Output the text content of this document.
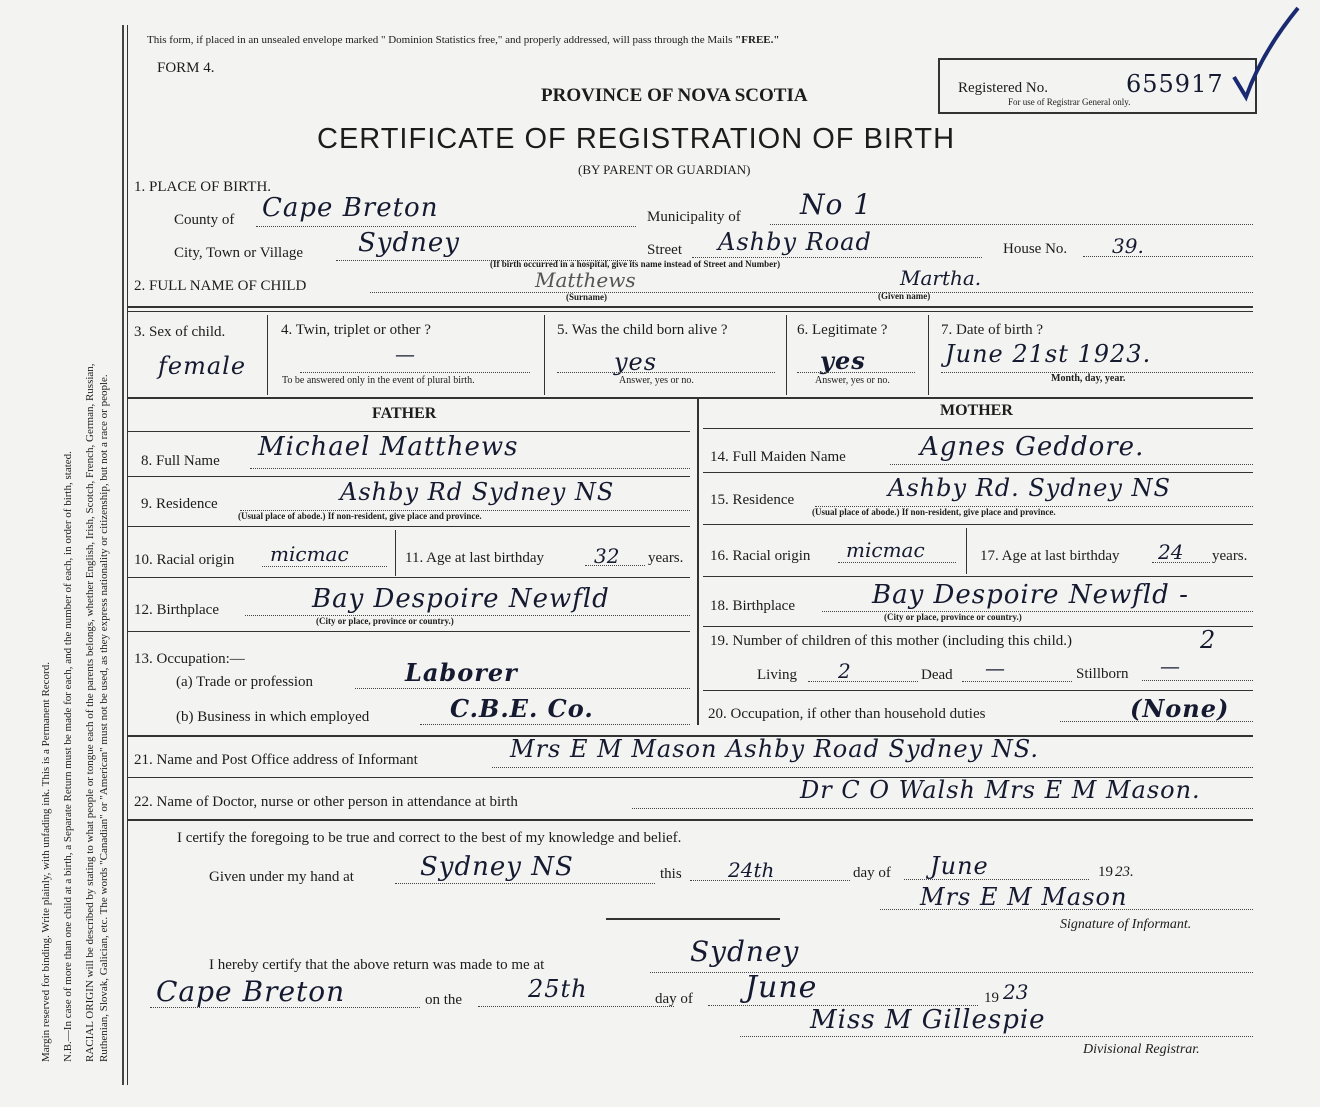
Margin reserved for binding. Write plainly, with unfading ink. This is a Permanent Record. N.B.—In case of more than one child at a birth, a Separate Return must be made for each, and the number of each, in order of birth, stated. RACIAL ORIGIN will be described by stating to what people or tongue each of the parents belongs, whether English, Irish, Scotch, French, German, Russian, Ruthenian, Slovak, Galician, etc. The words "Canadian" or "American" must not be used, as they express nationality or citizenship, but not a race or people.
This form, if placed in an unsealed envelope marked " Dominion Statistics free," and properly addressed, will pass through the Mails "FREE."
FORM 4.
PROVINCE OF NOVA SCOTIA
CERTIFICATE OF REGISTRATION OF BIRTH
(BY PARENT OR GUARDIAN)
Registered No.	655917
For use of Registrar General only.
1. PLACE OF BIRTH.
County of Cape Breton	Municipality of No 1
City, Town or Village Sydney	Street Ashby Road	House No. 39.
(If birth occurred in a hospital, give its name instead of Street and Number)
2. FULL NAME OF CHILD	Matthews
(Surname)
Martha.
(Given name)
3. Sex of child.
female
4. Twin, triplet or other ?
—
To be answered only in the event of plural birth.
5. Was the child born alive ?
yes
Answer, yes or no.
6. Legitimate ?
yes
Answer, yes or no.
7. Date of birth ?
June 21st 1923.
Month, day, year.
FATHER
8. Full Name Michael Matthews
9. Residence	Ashby Rd Sydney NS
(Usual place of abode.) If non-resident, give place and province.
10. Racial origin micmac	11. Age at last birthday	32 years.
12. Birthplace	Bay Despoire Newfld
(City or place, province or country.)
13. Occupation:—
(a) Trade or profession	Laborer
(b) Business in which employed	C.B.E. Co.
MOTHER
14. Full Maiden Name	Agnes Geddore.
15. Residence	Ashby Rd. Sydney NS
(Usual place of abode.) If non-resident, give place and province.
16. Racial origin micmac	17. Age at last birthday 24 years.
18. Birthplace	Bay Despoire Newfld -
(City or place, province or country.)
19. Number of children of this mother (including this child.)	2
Living 2	Dead —	Stillborn —
20. Occupation, if other than household duties	(None)
21. Name and Post Office address of Informant	Mrs E M Mason Ashby Road Sydney NS.
22. Name of Doctor, nurse or other person in attendance at birth	Dr C O Walsh Mrs E M Mason.
I certify the foregoing to be true and correct to the best of my knowledge and belief.
Given under my hand at	Sydney NS	this 24th	day of June	19 23.
Mrs E M Mason
Signature of Informant.
I hereby certify that the above return was made to me at	Sydney
Cape Breton	on the	25th	day of June	19 23
Miss M Gillespie
Divisional Registrar.
